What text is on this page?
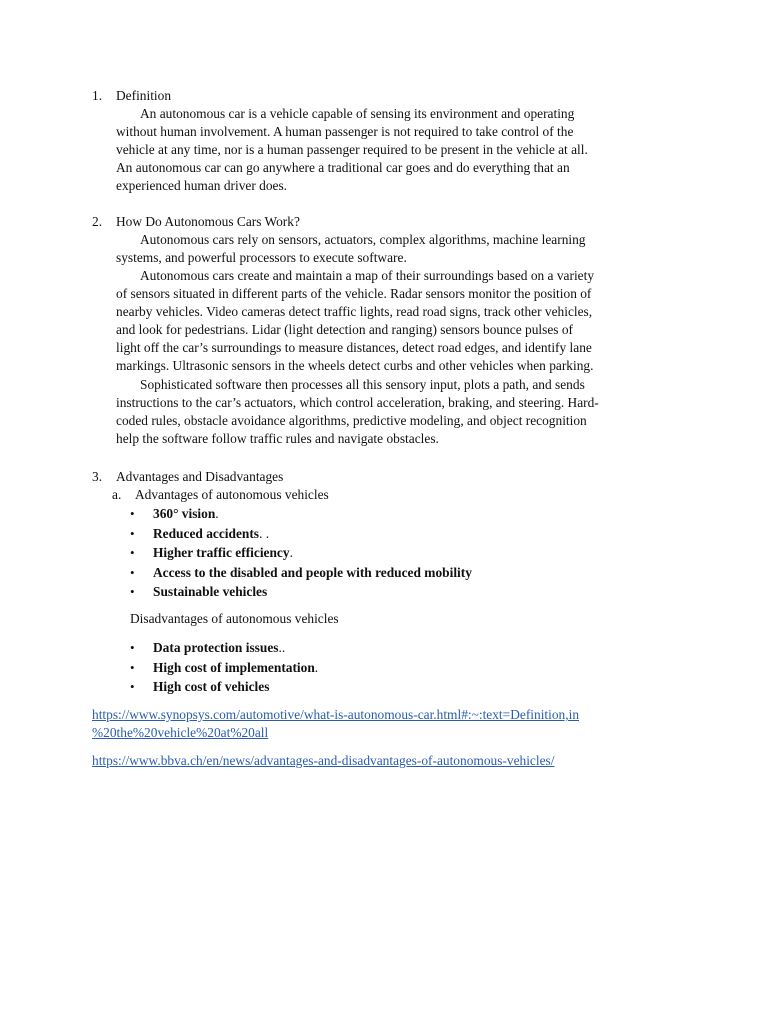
1. Definition
An autonomous car is a vehicle capable of sensing its environment and operating
without human involvement. A human passenger is not required to take control of the
vehicle at any time, nor is a human passenger required to be present in the vehicle at all.
An autonomous car can go anywhere a traditional car goes and do everything that an
experienced human driver does.
2. How Do Autonomous Cars Work?
Autonomous cars rely on sensors, actuators, complex algorithms, machine learning
systems, and powerful processors to execute software.
Autonomous cars create and maintain a map of their surroundings based on a variety
of sensors situated in different parts of the vehicle. Radar sensors monitor the position of
nearby vehicles. Video cameras detect traffic lights, read road signs, track other vehicles,
and look for pedestrians. Lidar (light detection and ranging) sensors bounce pulses of
light off the car’s surroundings to measure distances, detect road edges, and identify lane
markings. Ultrasonic sensors in the wheels detect curbs and other vehicles when parking.
Sophisticated software then processes all this sensory input, plots a path, and sends
instructions to the car’s actuators, which control acceleration, braking, and steering. Hard-
coded rules, obstacle avoidance algorithms, predictive modeling, and object recognition
help the software follow traffic rules and navigate obstacles.
3. Advantages and Disadvantages
a. Advantages of autonomous vehicles
• 360° vision.
• Reduced accidents. .
• Higher traffic efficiency.
• Access to the disabled and people with reduced mobility
• Sustainable vehicles
Disadvantages of autonomous vehicles
• Data protection issues..
• High cost of implementation.
• High cost of vehicles
https://www.synopsys.com/automotive/what-is-autonomous-car.html#:~:text=Definition,in
%20the%20vehicle%20at%20all
https://www.bbva.ch/en/news/advantages-and-disadvantages-of-autonomous-vehicles/
